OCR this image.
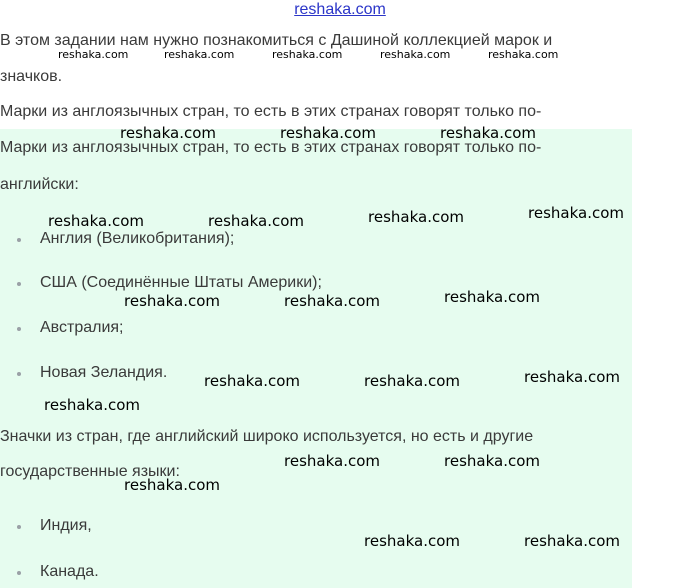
reshaka.com
В этом задании нам нужно познакомиться с Дашиной коллекцией марок и
значков.
Марки из англоязычных стран, то есть в этих странах говорят только по-
Марки из англоязычных стран, то есть в этих странах говорят только по-
английски:
Англия (Великобритания);
США (Соединённые Штаты Америки);
Австралия;
Новая Зеландия.
Значки из стран, где английский широко используется, но есть и другие
государственные языки:
Индия,
Канада.
reshaka.com	reshaka.com	reshaka.com	reshaka.com	reshaka.com
reshaka.com	reshaka.com	reshaka.com
reshaka.com	reshaka.com	reshaka.com	reshaka.com
reshaka.com	reshaka.com	reshaka.com
reshaka.com	reshaka.com	reshaka.com
reshaka.com
reshaka.com	reshaka.com
reshaka.com
reshaka.com	reshaka.com
